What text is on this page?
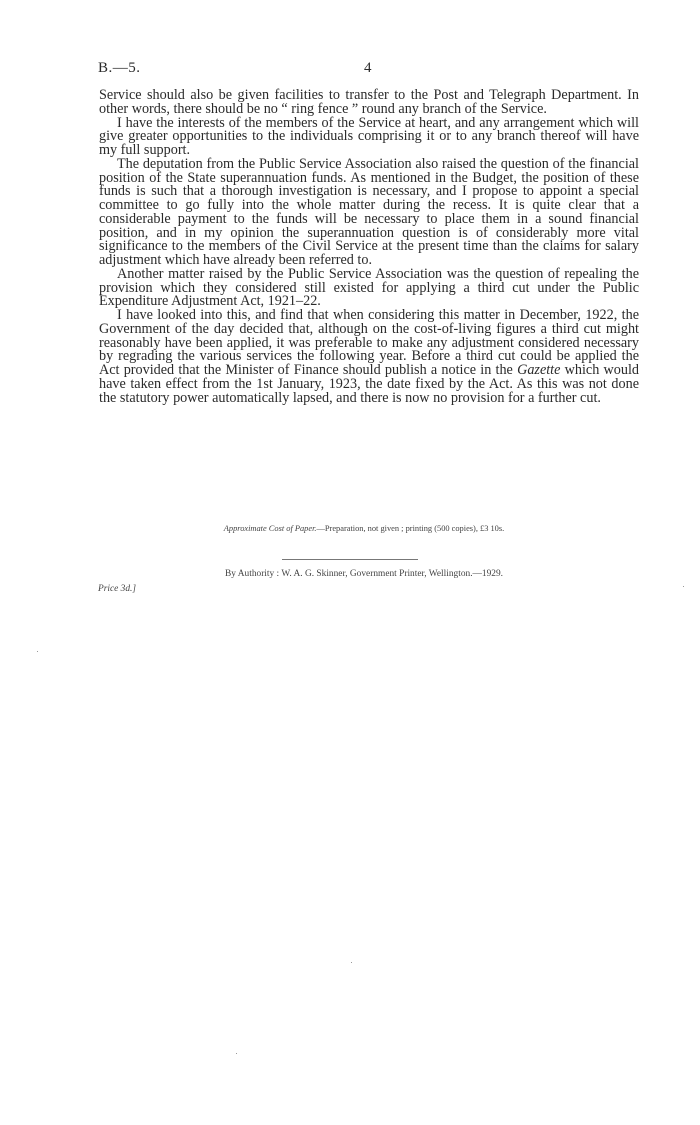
B.—5.	4

Service should also be given facilities to transfer to the Post and Telegraph Department. In other words, there should be no “ ring fence ” round any branch of the Service.

I have the interests of the members of the Service at heart, and any arrangement which will give greater opportunities to the individuals comprising it or to any branch thereof will have my full support.

The deputation from the Public Service Association also raised the question of the financial position of the State superannuation funds. As mentioned in the Budget, the position of these funds is such that a thorough investigation is necessary, and I propose to appoint a special committee to go fully into the whole matter during the recess. It is quite clear that a considerable payment to the funds will be necessary to place them in a sound financial position, and in my opinion the superannuation question is of considerably more vital significance to the members of the Civil Service at the present time than the claims for salary adjustment which have already been referred to.

Another matter raised by the Public Service Association was the question of repealing the provision which they considered still existed for applying a third cut under the Public Expenditure Adjustment Act, 1921–22.

I have looked into this, and find that when considering this matter in December, 1922, the Government of the day decided that, although on the cost-of-living figures a third cut might reasonably have been applied, it was preferable to make any adjustment considered necessary by regrading the various services the following year. Before a third cut could be applied the Act provided that the Minister of Finance should publish a notice in the Gazette which would have taken effect from the 1st January, 1923, the date fixed by the Act. As this was not done the statutory power automatically lapsed, and there is now no provision for a further cut.

Approximate Cost of Paper.—Preparation, not given ; printing (500 copies), £3 10s.
By Authority : W. A. G. Skinner, Government Printer, Wellington.—1929.
Price 3d.]
